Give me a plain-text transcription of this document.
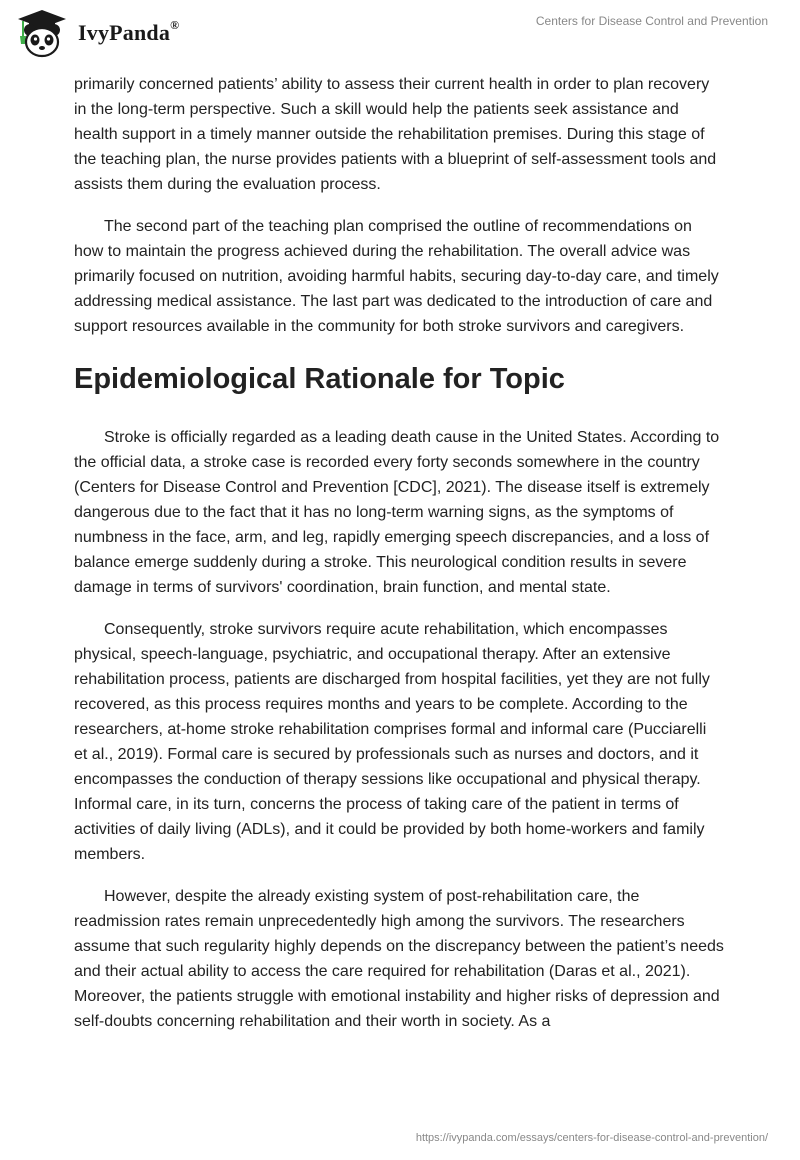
IvyPanda®	Centers for Disease Control and Prevention

primarily concerned patients’ ability to assess their current health in order to plan recovery in the long-term perspective. Such a skill would help the patients seek assistance and health support in a timely manner outside the rehabilitation premises. During this stage of the teaching plan, the nurse provides patients with a blueprint of self-assessment tools and assists them during the evaluation process.

The second part of the teaching plan comprised the outline of recommendations on how to maintain the progress achieved during the rehabilitation. The overall advice was primarily focused on nutrition, avoiding harmful habits, securing day-to-day care, and timely addressing medical assistance. The last part was dedicated to the introduction of care and support resources available in the community for both stroke survivors and caregivers.

Epidemiological Rationale for Topic

Stroke is officially regarded as a leading death cause in the United States. According to the official data, a stroke case is recorded every forty seconds somewhere in the country (Centers for Disease Control and Prevention [CDC], 2021). The disease itself is extremely dangerous due to the fact that it has no long-term warning signs, as the symptoms of numbness in the face, arm, and leg, rapidly emerging speech discrepancies, and a loss of balance emerge suddenly during a stroke. This neurological condition results in severe damage in terms of survivors' coordination, brain function, and mental state.

Consequently, stroke survivors require acute rehabilitation, which encompasses physical, speech-language, psychiatric, and occupational therapy. After an extensive rehabilitation process, patients are discharged from hospital facilities, yet they are not fully recovered, as this process requires months and years to be complete. According to the researchers, at-home stroke rehabilitation comprises formal and informal care (Pucciarelli et al., 2019). Formal care is secured by professionals such as nurses and doctors, and it encompasses the conduction of therapy sessions like occupational and physical therapy. Informal care, in its turn, concerns the process of taking care of the patient in terms of activities of daily living (ADLs), and it could be provided by both home-workers and family members.

However, despite the already existing system of post-rehabilitation care, the readmission rates remain unprecedentedly high among the survivors. The researchers assume that such regularity highly depends on the discrepancy between the patient’s needs and their actual ability to access the care required for rehabilitation (Daras et al., 2021). Moreover, the patients struggle with emotional instability and higher risks of depression and self-doubts concerning rehabilitation and their worth in society. As a

https://ivypanda.com/essays/centers-for-disease-control-and-prevention/
